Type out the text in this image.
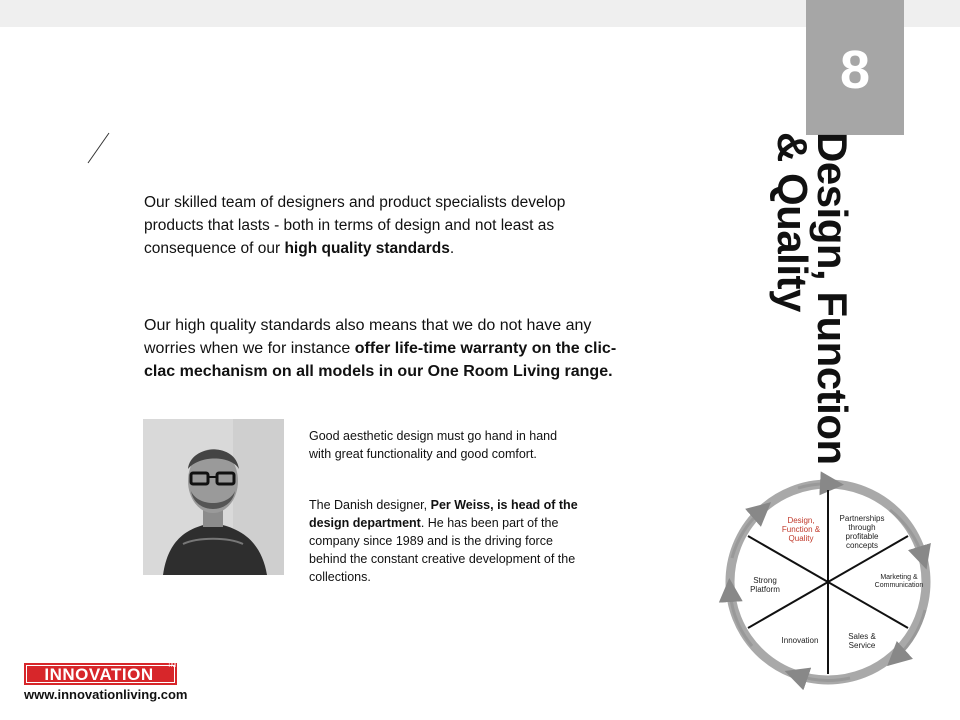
8
Design, Function
& Quality
Our skilled team of designers and product specialists develop products that lasts - both in terms of design and not least as consequence of our high quality standards.
Our high quality standards also means that we do not have any worries when we for instance offer life-time warranty on the clic-clac mechanism on all models in our One Room Living range.
Good aesthetic design must go hand in hand with great functionality and good comfort.
The Danish designer, Per Weiss, is head of the design department. He has been part of the company since 1989 and is the driving force behind the constant creative development of the collections.
Design, Function & Quality
Partnerships through profitable concepts
Marketing & Communication
Sales & Service
Innovation
Strong Platform
INNOVATION	TM
www.innovationliving.com
